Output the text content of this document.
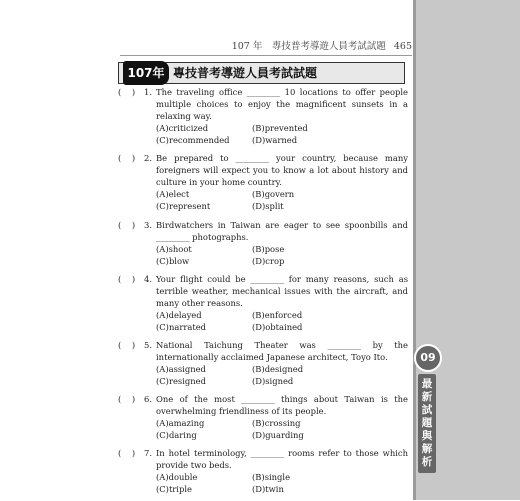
107 年　專技普考導遊人員考試試題 465
107年 專技普考導遊人員考試試題
( ) 1. The traveling office ________ 10 locations to offer people multiple choices to enjoy the magnificent sunsets in a relaxing way.
(A)criticized	(B)prevented
(C)recommended	(D)warned
( ) 2. Be prepared to ________ your country, because many foreigners will expect you to know a lot about history and culture in your home country.
(A)elect	(B)govern
(C)represent	(D)split
( ) 3. Birdwatchers in Taiwan are eager to see spoonbills and ________ photographs.
(A)shoot	(B)pose
(C)blow	(D)crop
( ) 4. Your flight could be ________ for many reasons, such as terrible weather, mechanical issues with the aircraft, and many other reasons.
(A)delayed	(B)enforced
(C)narrated	(D)obtained
( ) 5. National Taichung Theater was ________ by the internationally acclaimed Japanese architect, Toyo Ito.
(A)assigned	(B)designed
(C)resigned	(D)signed
( ) 6. One of the most ________ things about Taiwan is the overwhelming friendliness of its people.
(A)amazing	(B)crossing
(C)daring	(D)guarding
( ) 7. In hotel terminology, ________ rooms refer to those which provide two beds.
(A)double	(B)single
(C)triple	(D)twin
09
最新試題與解析
